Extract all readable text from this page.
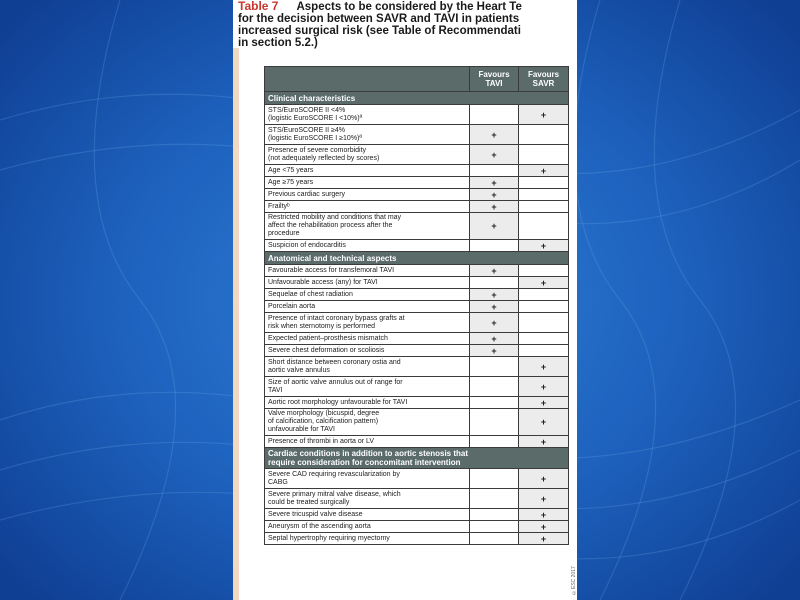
Table 7 Aspects to be considered by the Heart Te
for the decision between SAVR and TAVI in patients
increased surgical risk (see Table of Recommendati
in section 5.2.)
	Favours TAVI	Favours SAVR
Clinical characteristics		
STS/EuroSCORE II <4%
(logistic EuroSCORE I <10%)ª		+
STS/EuroSCORE II ≥4%
(logistic EuroSCORE I ≥10%)ª	+	
Presence of severe comorbidity
(not adequately reflected by scores)	+	
Age <75 years		+
Age ≥75 years	+	
Previous cardiac surgery	+	
Frailtyᵇ	+	
Restricted mobility and conditions that may
affect the rehabilitation process after the
procedure	+	
Suspicion of endocarditis		+
Anatomical and technical aspects		
Favourable access for transfemoral TAVI	+	
Unfavourable access (any) for TAVI		+
Sequelae of chest radiation	+	
Porcelain aorta	+	
Presence of intact coronary bypass grafts at
risk when sternotomy is performed	+	
Expected patient–prosthesis mismatch	+	
Severe chest deformation or scoliosis	+	
Short distance between coronary ostia and
aortic valve annulus		+
Size of aortic valve annulus out of range for
TAVI		+
Aortic root morphology unfavourable for TAVI		+
Valve morphology (bicuspid, degree
of calcification, calcification pattern)
unfavourable for TAVI		+
Presence of thrombi in aorta or LV		+
Cardiac conditions in addition to aortic stenosis that
require consideration for concomitant intervention		
Severe CAD requiring revascularization by
CABG		+
Severe primary mitral valve disease, which
could be treated surgically		+
Severe tricuspid valve disease		+
Aneurysm of the ascending aorta		+
Septal hypertrophy requiring myectomy		+
©ESC 2017
